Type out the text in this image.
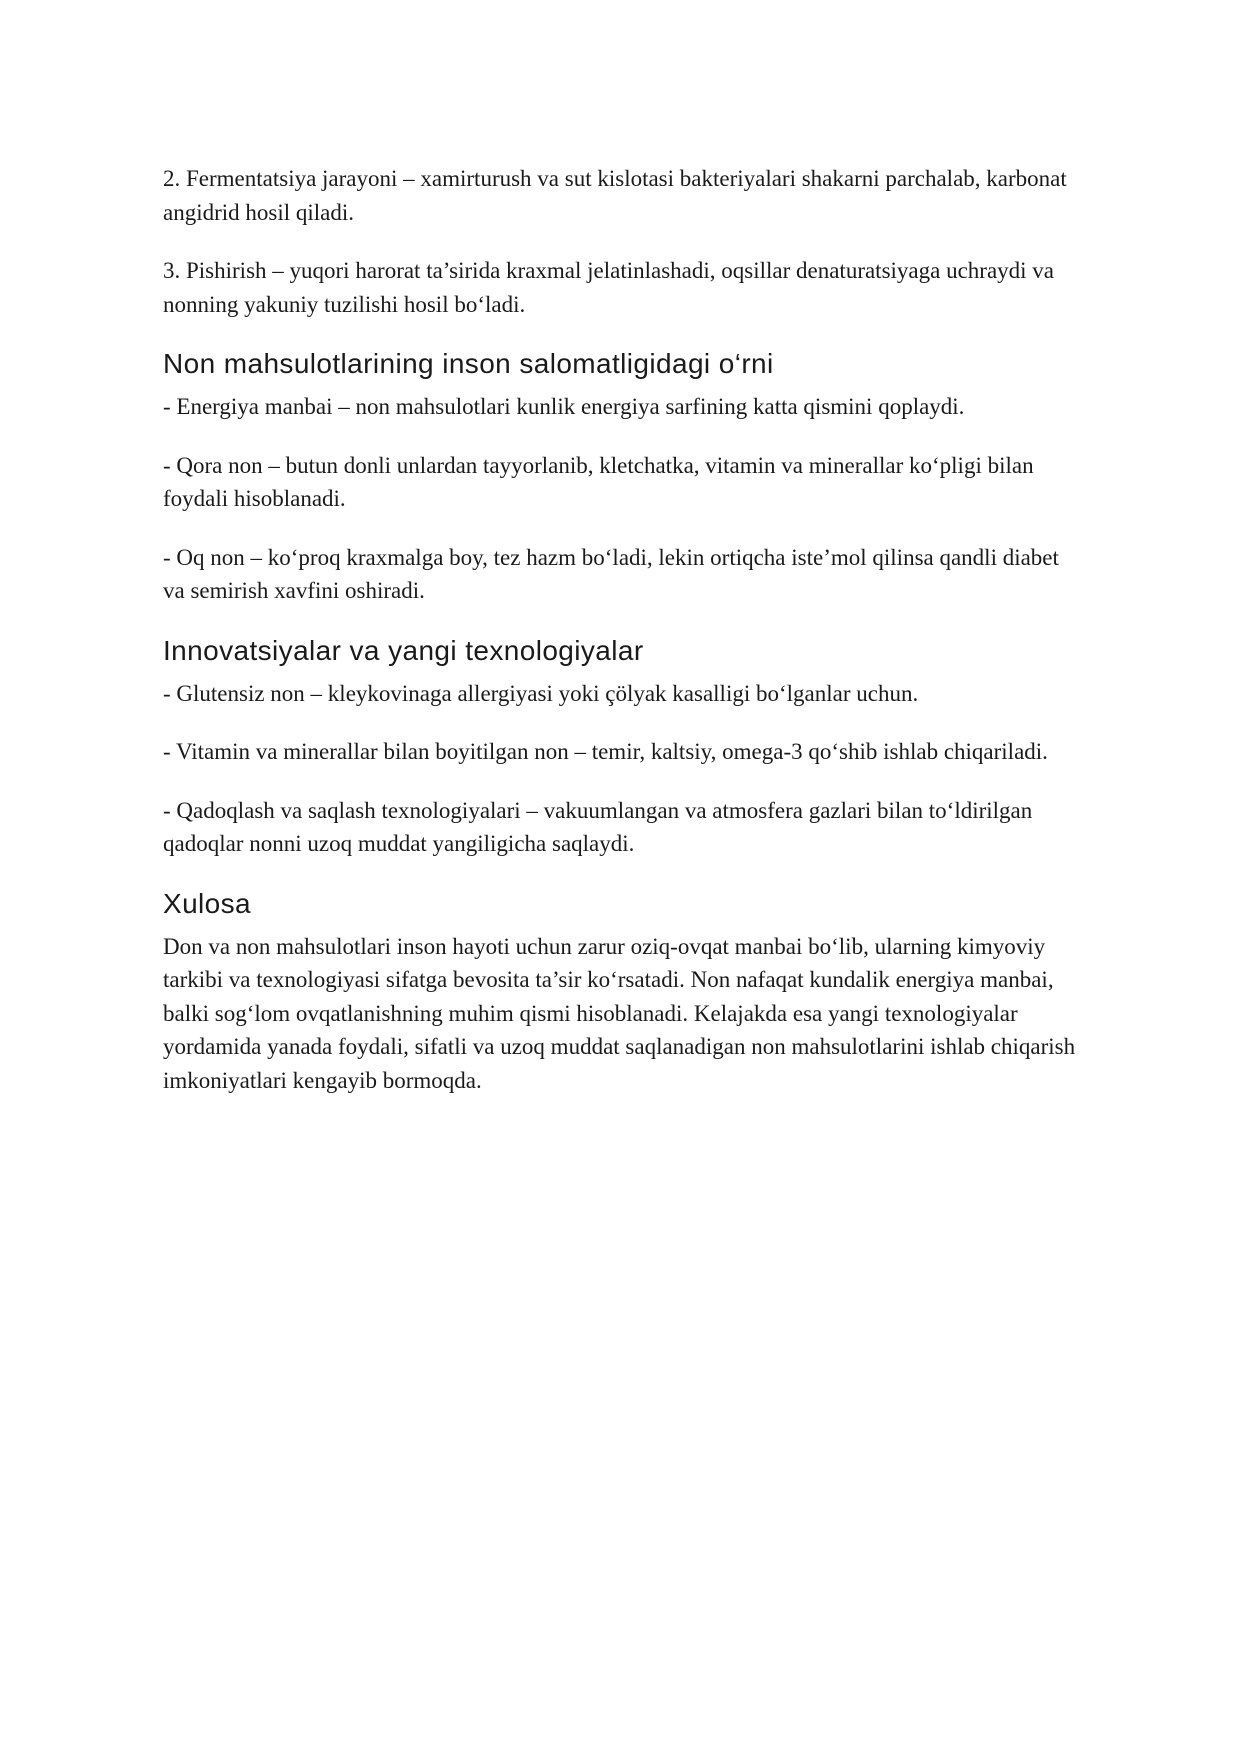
2. Fermentatsiya jarayoni – xamirturush va sut kislotasi bakteriyalari shakarni parchalab, karbonat angidrid hosil qiladi.

3. Pishirish – yuqori harorat ta’sirida kraxmal jelatinlashadi, oqsillar denaturatsiyaga uchraydi va nonning yakuniy tuzilishi hosil bo‘ladi.

Non mahsulotlarining inson salomatligidagi o‘rni

- Energiya manbai – non mahsulotlari kunlik energiya sarfining katta qismini qoplaydi.

- Qora non – butun donli unlardan tayyorlanib, kletchatka, vitamin va minerallar ko‘pligi bilan foydali hisoblanadi.

- Oq non – ko‘proq kraxmalga boy, tez hazm bo‘ladi, lekin ortiqcha iste’mol qilinsa qandli diabet va semirish xavfini oshiradi.

Innovatsiyalar va yangi texnologiyalar

- Glutensiz non – kleykovinaga allergiyasi yoki çölyak kasalligi bo‘lganlar uchun.

- Vitamin va minerallar bilan boyitilgan non – temir, kaltsiy, omega-3 qo‘shib ishlab chiqariladi.

- Qadoqlash va saqlash texnologiyalari – vakuumlangan va atmosfera gazlari bilan to‘ldirilgan qadoqlar nonni uzoq muddat yangiligicha saqlaydi.

Xulosa

Don va non mahsulotlari inson hayoti uchun zarur oziq-ovqat manbai bo‘lib, ularning kimyoviy tarkibi va texnologiyasi sifatga bevosita ta’sir ko‘rsatadi. Non nafaqat kundalik energiya manbai, balki sog‘lom ovqatlanishning muhim qismi hisoblanadi. Kelajakda esa yangi texnologiyalar yordamida yanada foydali, sifatli va uzoq muddat saqlanadigan non mahsulotlarini ishlab chiqarish imkoniyatlari kengayib bormoqda.
